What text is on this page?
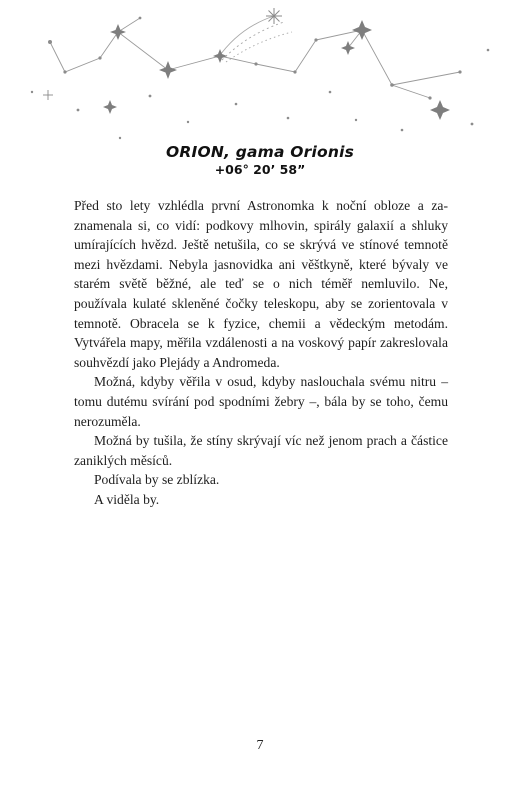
ORION, gama Orionis
+06° 20’ 58”

Před sto lety vzhlédla první Astronomka k noční obloze a zaznamenala si, co vidí: podkovy mlhovin, spirály galaxií a shluky umírajících hvězd. Ještě netušila, co se skrývá ve stínové temnotě mezi hvězdami. Nebyla jasnovidka ani věštkyně, které bývaly ve starém světě běžné, ale teď se o nich téměř nemluvilo. Ne, používala kulaté skleněné čočky teleskopu, aby se zorientovala v temnotě. Obracela se k fyzice, chemii a vědeckým metodám. Vytvářela mapy, měřila vzdálenosti a na voskový papír zakreslovala souhvězdí jako Plejády a Andromeda.

Možná, kdyby věřila v osud, kdyby naslouchala svému nitru – tomu dutému svírání pod spodními žebry –, bála by se toho, čemu nerozuměla.

Možná by tušila, že stíny skrývají víc než jenom prach a částice zaniklých měsíců.

Podívala by se zblízka.

A viděla by.

7
